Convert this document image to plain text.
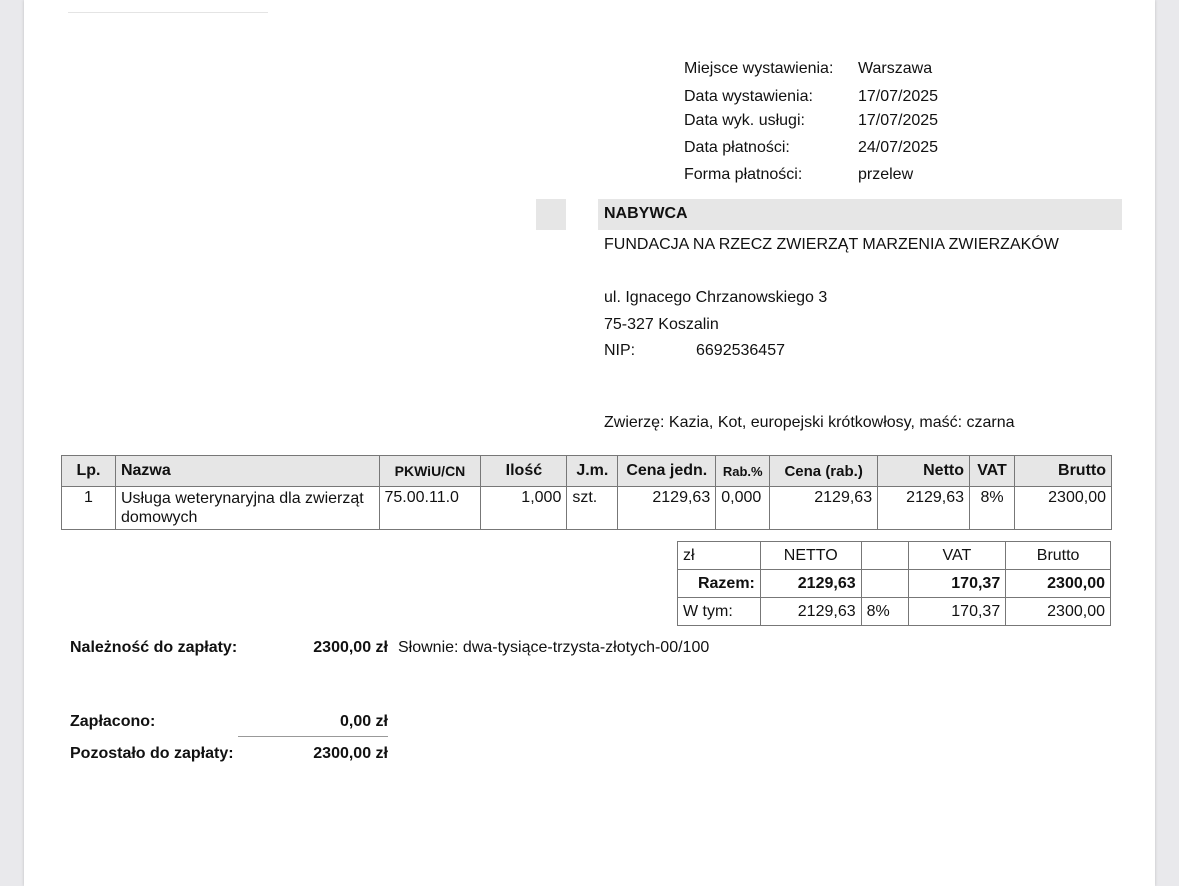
Miejsce wystawienia: Warszawa
Data wystawienia:	17/07/2025
Data wyk. usługi:	17/07/2025
Data płatności:	24/07/2025
Forma płatności:	przelew
NABYWCA
FUNDACJA NA RZECZ ZWIERZĄT MARZENIA ZWIERZAKÓW
ul. Ignacego Chrzanowskiego 3
75-327 Koszalin
NIP:	6692536457
Zwierzę: Kazia, Kot, europejski krótkowłosy, maść: czarna
Lp.	Nazwa	PKWiU/CN	Ilość	J.m.	Cena jedn.	Rab.%	Cena (rab.)	Netto	VAT	Brutto
1	Usługa weterynaryjna dla zwierząt domowych	75.00.11.0	1,000	szt.	2129,63	0,000	2129,63	2129,63	8%	2300,00
zł	NETTO		VAT	Brutto
Razem:	2129,63		170,37	2300,00
W tym:	2129,63	8%	170,37	2300,00
Należność do zapłaty:	2300,00 zł Słownie: dwa-tysiące-trzysta-złotych-00/100
Zapłacono:	0,00 zł
Pozostało do zapłaty:	2300,00 zł
